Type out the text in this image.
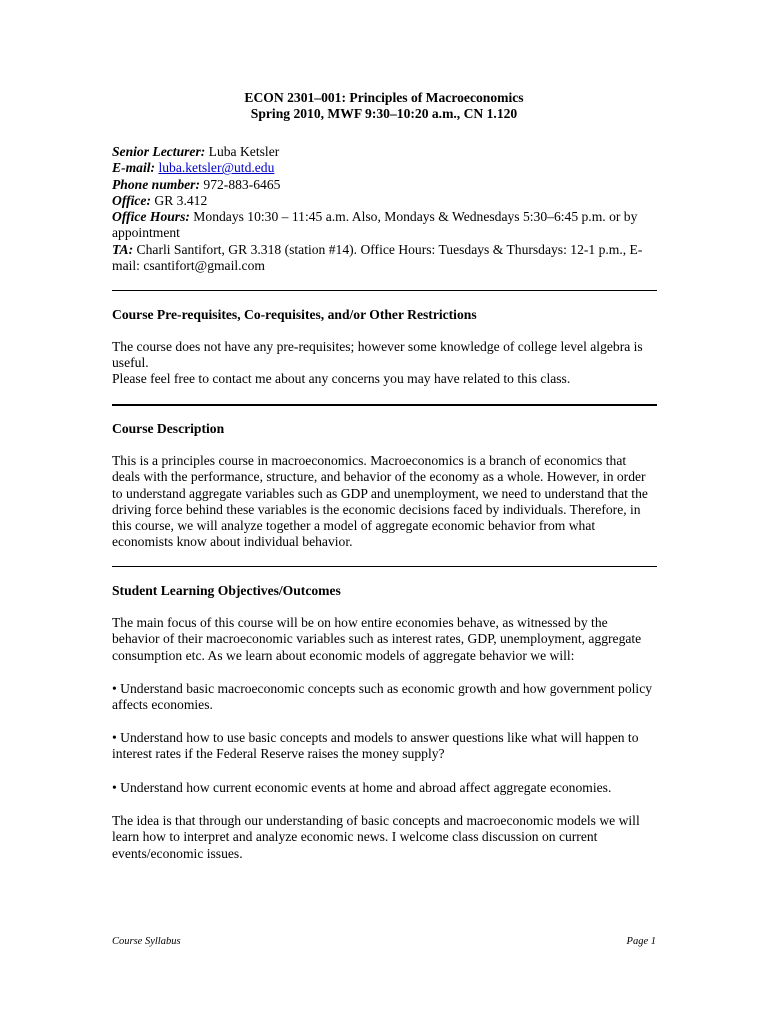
ECON 2301–001: Principles of Macroeconomics
Spring 2010, MWF 9:30–10:20 a.m., CN 1.120
Senior Lecturer: Luba Ketsler
E-mail: luba.ketsler@utd.edu
Phone number: 972-883-6465
Office: GR 3.412
Office Hours: Mondays 10:30 – 11:45 a.m. Also, Mondays & Wednesdays 5:30–6:45 p.m. or by appointment
TA: Charli Santifort, GR 3.318 (station #14). Office Hours: Tuesdays & Thursdays: 12-1 p.m., E-mail: csantifort@gmail.com
Course Pre-requisites, Co-requisites, and/or Other Restrictions

The course does not have any pre-requisites; however some knowledge of college level algebra is useful.

Please feel free to contact me about any concerns you may have related to this class.

Course Description

This is a principles course in macroeconomics. Macroeconomics is a branch of economics that deals with the performance, structure, and behavior of the economy as a whole. However, in order to understand aggregate variables such as GDP and unemployment, we need to understand that the driving force behind these variables is the economic decisions faced by individuals. Therefore, in this course, we will analyze together a model of aggregate economic behavior from what economists know about individual behavior.

Student Learning Objectives/Outcomes

The main focus of this course will be on how entire economies behave, as witnessed by the behavior of their macroeconomic variables such as interest rates, GDP, unemployment, aggregate consumption etc. As we learn about economic models of aggregate behavior we will:

• Understand basic macroeconomic concepts such as economic growth and how government policy affects economies.

• Understand how to use basic concepts and models to answer questions like what will happen to interest rates if the Federal Reserve raises the money supply?

• Understand how current economic events at home and abroad affect aggregate economies.

The idea is that through our understanding of basic concepts and macroeconomic models we will learn how to interpret and analyze economic news. I welcome class discussion on current events/economic issues.

Course Syllabus	Page 1
